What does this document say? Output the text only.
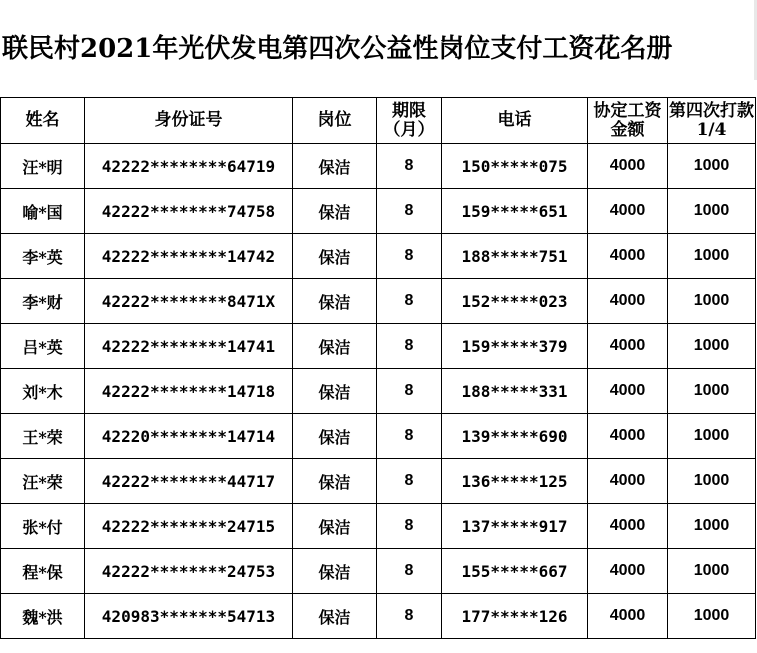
联民村2021年光伏发电第四次公益性岗位支付工资花名册
姓名	身份证号	岗位	期限（月）	电话	协定工资金额	第四次打款1/4
汪*明	42222********64719	保洁	8	150*****075	4000	1000
喻*国	42222********74758	保洁	8	159*****651	4000	1000
李*英	42222********14742	保洁	8	188*****751	4000	1000
李*财	42222********8471X	保洁	8	152*****023	4000	1000
吕*英	42222********14741	保洁	8	159*****379	4000	1000
刘*木	42222********14718	保洁	8	188*****331	4000	1000
王*荣	42220********14714	保洁	8	139*****690	4000	1000
汪*荣	42222********44717	保洁	8	136*****125	4000	1000
张*付	42222********24715	保洁	8	137*****917	4000	1000
程*保	42222********24753	保洁	8	155*****667	4000	1000
魏*洪	420983*******54713	保洁	8	177*****126	4000	1000
